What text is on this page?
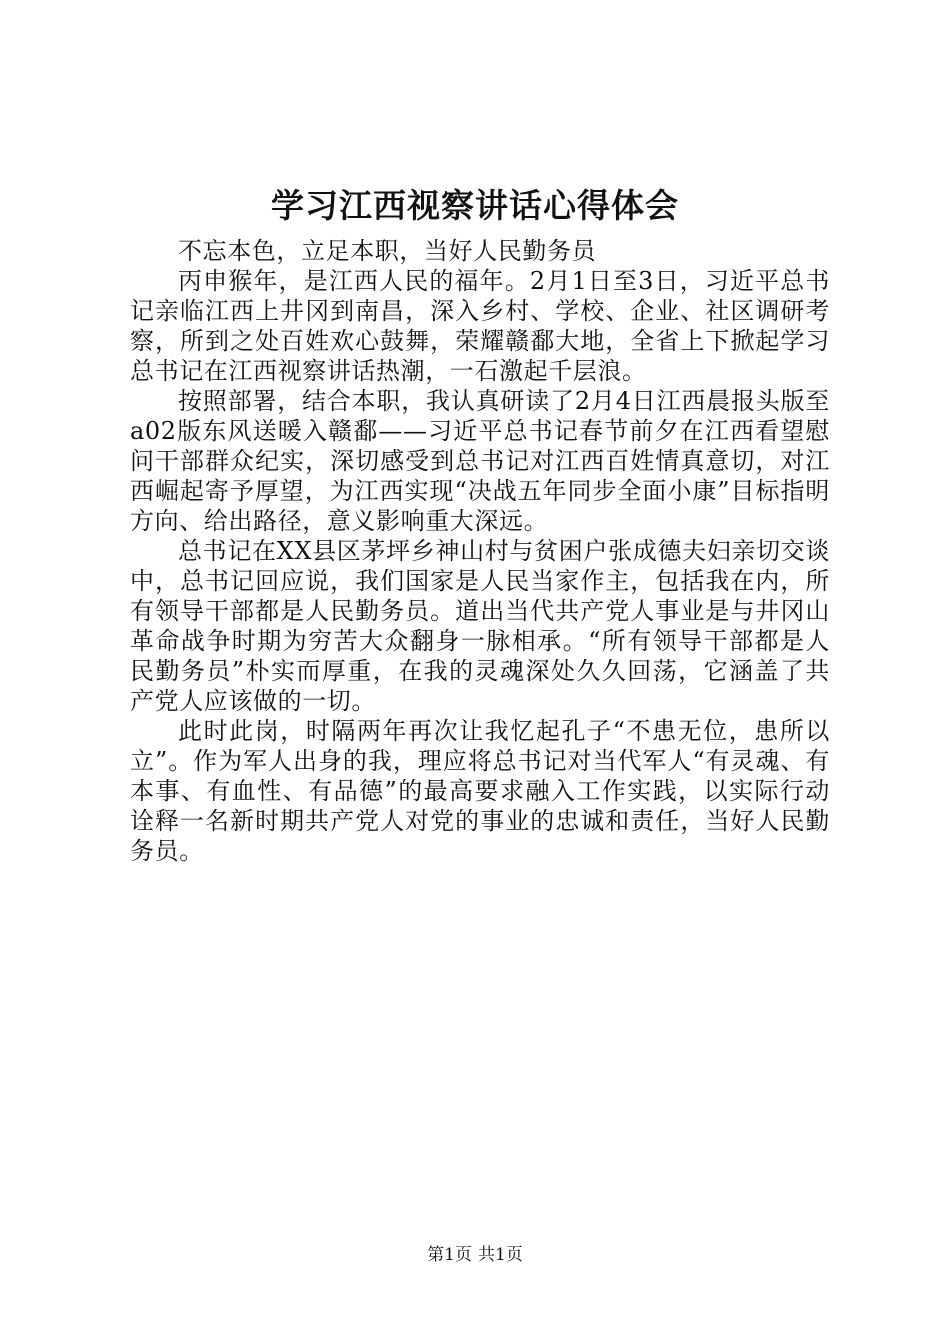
学习江西视察讲话心得体会

不忘本色，立足本职，当好人民勤务员

丙申猴年，是江西人民的福年。2月1日至3日，习近平总书记亲临江西上井冈到南昌，深入乡村、学校、企业、社区调研考察，所到之处百姓欢心鼓舞，荣耀赣鄱大地，全省上下掀起学习总书记在江西视察讲话热潮，一石激起千层浪。

按照部署，结合本职，我认真研读了2月4日江西晨报头版至a02版东风送暖入赣鄱——习近平总书记春节前夕在江西看望慰问干部群众纪实，深切感受到总书记对江西百姓情真意切，对江西崛起寄予厚望，为江西实现“决战五年同步全面小康”目标指明方向、给出路径，意义影响重大深远。

总书记在XX县区茅坪乡神山村与贫困户张成德夫妇亲切交谈中，总书记回应说，我们国家是人民当家作主，包括我在内，所有领导干部都是人民勤务员。道出当代共产党人事业是与井冈山革命战争时期为穷苦大众翻身一脉相承。“所有领导干部都是人民勤务员”朴实而厚重，在我的灵魂深处久久回荡，它涵盖了共产党人应该做的一切。

此时此岗，时隔两年再次让我忆起孔子“不患无位，患所以立”。作为军人出身的我，理应将总书记对当代军人“有灵魂、有本事、有血性、有品德”的最高要求融入工作实践，以实际行动诠释一名新时期共产党人对党的事业的忠诚和责任，当好人民勤务员。

第1页 共1页
